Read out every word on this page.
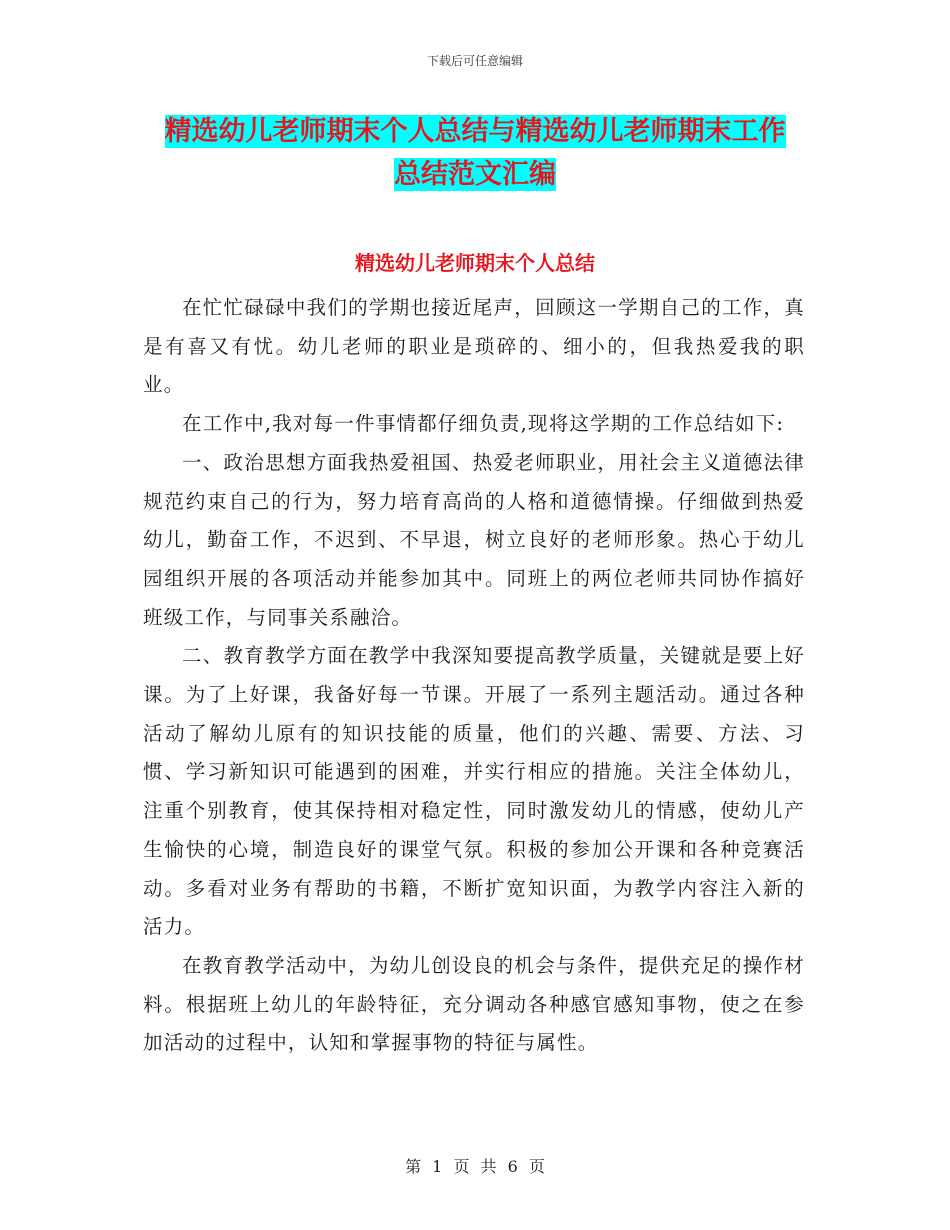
下载后可任意编辑
精选幼儿老师期末个人总结与精选幼儿老师期末工作
总结范文汇编
精选幼儿老师期末个人总结

在忙忙碌碌中我们的学期也接近尾声，回顾这一学期自己的工作，真是有喜又有忧。幼儿老师的职业是琐碎的、细小的，但我热爱我的职业。

在工作中,我对每一件事情都仔细负责,现将这学期的工作总结如下:

一、政治思想方面我热爱祖国、热爱老师职业，用社会主义道德法律规范约束自己的行为，努力培育高尚的人格和道德情操。仔细做到热爱幼儿，勤奋工作，不迟到、不早退，树立良好的老师形象。热心于幼儿园组织开展的各项活动并能参加其中。同班上的两位老师共同协作搞好班级工作，与同事关系融洽。

二、教育教学方面在教学中我深知要提高教学质量，关键就是要上好课。为了上好课，我备好每一节课。开展了一系列主题活动。通过各种活动了解幼儿原有的知识技能的质量，他们的兴趣、需要、方法、习惯、学习新知识可能遇到的困难，并实行相应的措施。关注全体幼儿，注重个别教育，使其保持相对稳定性，同时激发幼儿的情感，使幼儿产生愉快的心境，制造良好的课堂气氛。积极的参加公开课和各种竞赛活动。多看对业务有帮助的书籍，不断扩宽知识面，为教学内容注入新的活力。

在教育教学活动中，为幼儿创设良的机会与条件，提供充足的操作材料。根据班上幼儿的年龄特征，充分调动各种感官感知事物，使之在参加活动的过程中，认知和掌握事物的特征与属性。

第 1 页 共 6 页
